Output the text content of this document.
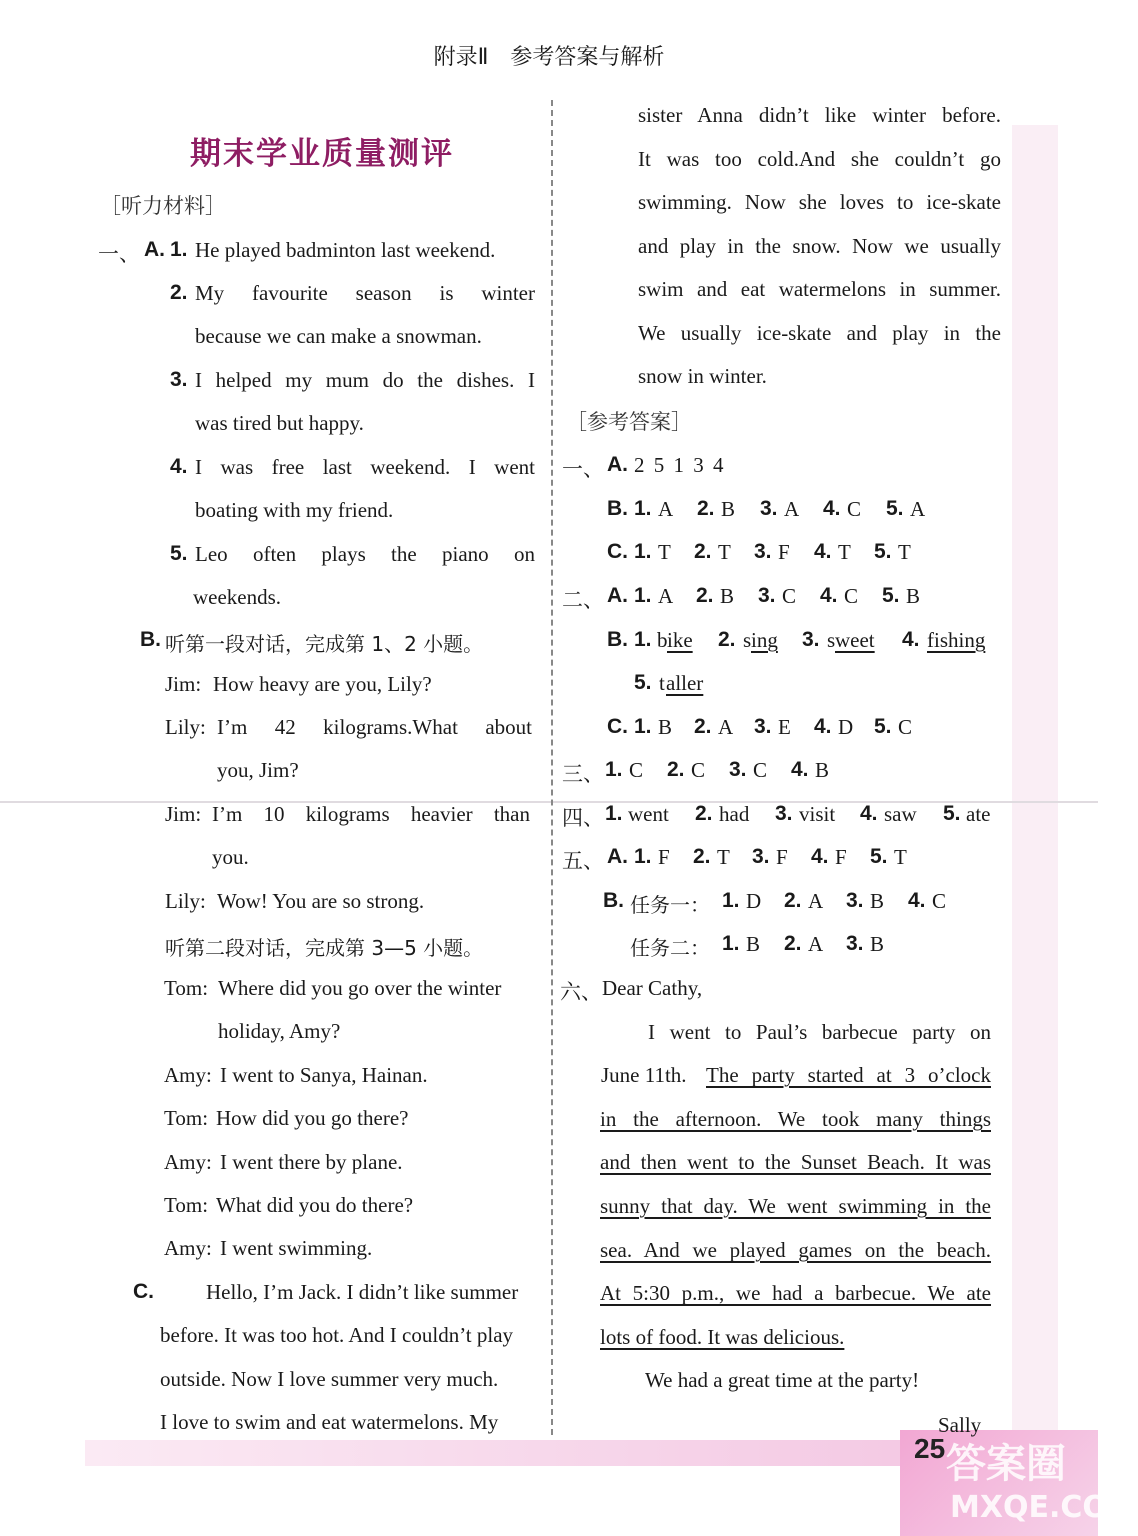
附录Ⅱ　参考答案与解析
期末学业质量测评
［听力材料］
一、 A. 1. He played badminton last weekend.
2. My favourite season is winter
because we can make a snowman.
3. I helped my mum do the dishes. I
was tired but happy.
4. I was free last weekend. I went
boating with my friend.
5. Leo often plays the piano on
weekends.
B. 听第一段对话，完成第 1、2 小题。
Jim: How heavy are you, Lily?
Lily: I’m 42 kilograms.What about
you, Jim?
Jim: I’m 10 kilograms heavier than
you.
Lily: Wow! You are so strong.
听第二段对话，完成第 3—5 小题。
Tom: Where did you go over the winter
holiday, Amy?
Amy: I went to Sanya, Hainan.
Tom: How did you go there?
Amy: I went there by plane.
Tom: What did you do there?
Amy: I went swimming.
C. Hello, I’m Jack. I didn’t like summer
before. It was too hot. And I couldn’t play
outside. Now I love summer very much.
I love to swim and eat watermelons. My
sister Anna didn’t like winter before.
It was too cold.And she couldn’t go
swimming. Now she loves to ice-skate
and play in the snow. Now we usually
swim and eat watermelons in summer.
We usually ice-skate and play in the
snow in winter.
［参考答案］
一、 A. 2 5 1 3 4
B. 1. A 2. B 3. A 4. C 5. A
C. 1. T 2. T 3. F 4. T 5. T
二、 A. 1. A 2. B 3. C 4. C 5. B
B. 1. b ike 2. s ing 3. s weet 4. fishing
5. t aller
C. 1. B 2. A 3. E 4. D 5. C
三、 1. C 2. C 3. C 4. B
四、 1. went 2. had 3. visit 4. saw 5. ate
五、 A. 1. F 2. T 3. F 4. F 5. T
B. 任务一： 1. D 2. A 3. B 4. C
任务二： 1. B 2. A 3. B
六、 Dear Cathy,
I went to Paul’s barbecue party on
June 11th. The party started at 3 o’clock
in the afternoon. We took many things
and then went to the Sunset Beach. It was
sunny that day. We went swimming in the
sea. And we played games on the beach.
At 5:30 p.m., we had a barbecue. We ate
lots of food. It was delicious.
We had a great time at the party!
Sally
25 答案圈
MXQE.COM
